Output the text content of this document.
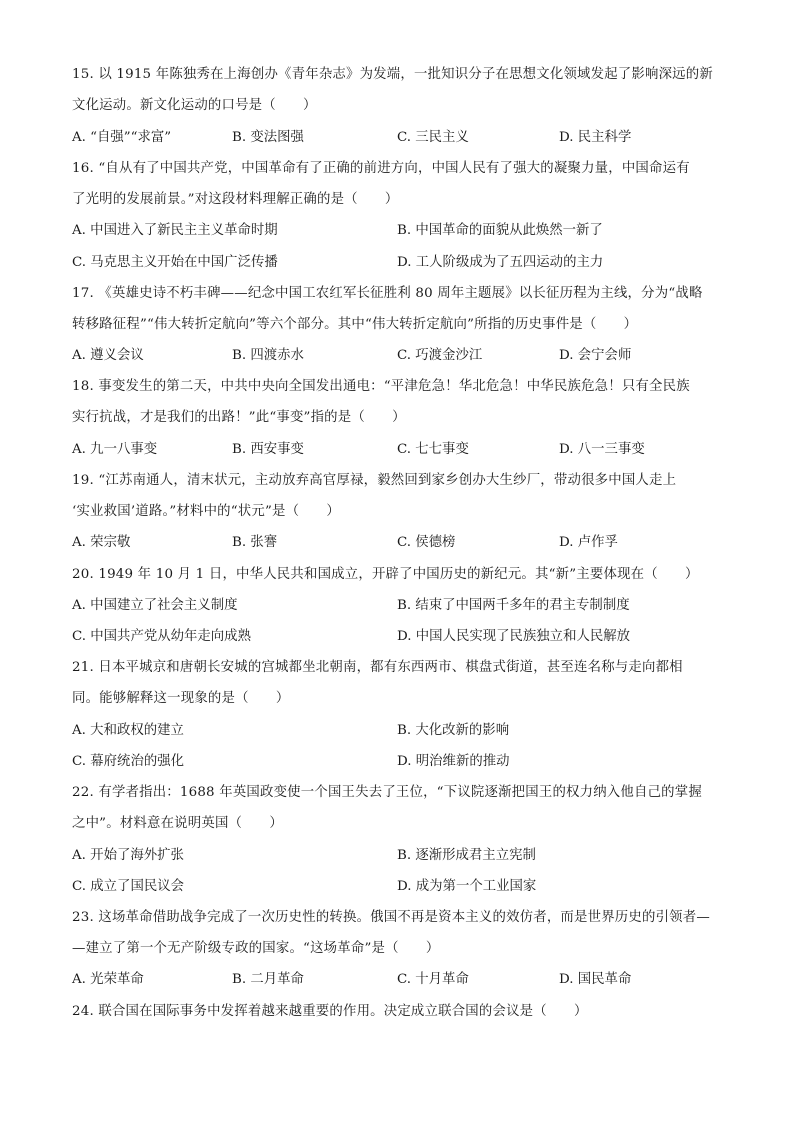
15. 以 1915 年陈独秀在上海创办《青年杂志》为发端，一批知识分子在思想文化领域发起了影响深远的新
文化运动。新文化运动的口号是（　　）
A. “自强”“求富”	B. 变法图强	C. 三民主义	D. 民主科学
16. “自从有了中国共产党，中国革命有了正确的前进方向，中国人民有了强大的凝聚力量，中国命运有
了光明的发展前景。”对这段材料理解正确的是（　　）
A. 中国进入了新民主主义革命时期	B. 中国革命的面貌从此焕然一新了
C. 马克思主义开始在中国广泛传播	D. 工人阶级成为了五四运动的主力
17. 《英雄史诗不朽丰碑——纪念中国工农红军长征胜利 80 周年主题展》以长征历程为主线，分为“战略
转移路征程”“伟大转折定航向”等六个部分。其中“伟大转折定航向”所指的历史事件是（　　）
A. 遵义会议	B. 四渡赤水	C. 巧渡金沙江	D. 会宁会师
18. 事变发生的第二天，中共中央向全国发出通电：“平津危急！华北危急！中华民族危急！只有全民族
实行抗战，才是我们的出路！”此“事变”指的是（　　）
A. 九一八事变	B. 西安事变	C. 七七事变	D. 八一三事变
19. “江苏南通人，清末状元，主动放弃高官厚禄，毅然回到家乡创办大生纱厂，带动很多中国人走上
‘实业救国’道路。”材料中的“状元”是（　　）
A. 荣宗敬	B. 张謇	C. 侯德榜	D. 卢作孚
20. 1949 年 10 月 1 日，中华人民共和国成立，开辟了中国历史的新纪元。其“新”主要体现在（　　）
A. 中国建立了社会主义制度	B. 结束了中国两千多年的君主专制制度
C. 中国共产党从幼年走向成熟	D. 中国人民实现了民族独立和人民解放
21. 日本平城京和唐朝长安城的宫城都坐北朝南，都有东西两市、棋盘式街道，甚至连名称与走向都相
同。能够解释这一现象的是（　　）
A. 大和政权的建立	B. 大化改新的影响
C. 幕府统治的强化	D. 明治维新的推动
22. 有学者指出：1688 年英国政变使一个国王失去了王位，“下议院逐渐把国王的权力纳入他自己的掌握
之中”。材料意在说明英国（　　）
A. 开始了海外扩张	B. 逐渐形成君主立宪制
C. 成立了国民议会	D. 成为第一个工业国家
23. 这场革命借助战争完成了一次历史性的转换。俄国不再是资本主义的效仿者，而是世界历史的引领者—
—建立了第一个无产阶级专政的国家。“这场革命”是（　　）
A. 光荣革命	B. 二月革命	C. 十月革命	D. 国民革命
24. 联合国在国际事务中发挥着越来越重要的作用。决定成立联合国的会议是（　　）
